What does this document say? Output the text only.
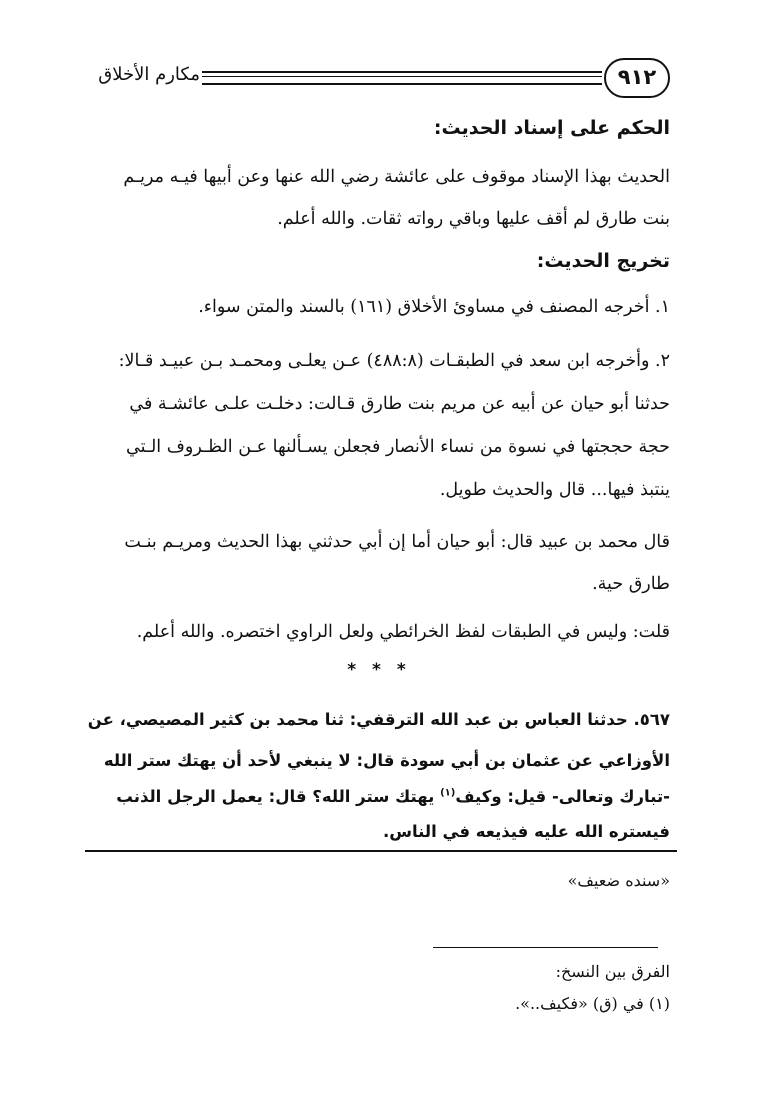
مكارم الأخلاق	٩١٢
الحكم على إسناد الحديث:
الحديث بهذا الإسناد موقوف على عائشة رضي الله عنها وعن أبيها فيـه مريـم
بنت طارق لم أقف عليها وباقي رواته ثقات. والله أعلم.
تخريج الحديث:
١. أخرجه المصنف في مساوئ الأخلاق (١٦١) بالسند والمتن سواء.
٢. وأخرجه ابن سعد في الطبقـات (٤٨٨:٨) عـن يعلـى ومحمـد بـن عبيـد قـالا:
حدثنا أبو حيان عن أبيه عن مريم بنت طارق قـالت: دخلـت علـى عائشـة في
حجة حججتها في نسوة من نساء الأنصار فجعلن يسـألنها عـن الظـروف الـتي
ينتبذ فيها... قال والحديث طويل.
قال محمد بن عبيد قال: أبو حيان أما إن أبي حدثني بهذا الحديث ومريـم بنـت
طارق حية.
قلت: وليس في الطبقات لفظ الخرائطي ولعل الراوي اختصره. والله أعلم.
* * *
٥٦٧. حدثنا العباس بن عبد الله الترقفي: ثنا محمد بن كثير المصيصي، عن
الأوزاعي عن عثمان بن أبي سودة قال: لا ينبغي لأحد أن يهتك ستر الله
-تبارك وتعالى- قيل: وكيف$^{(١)}$ يهتك ستر الله؟ قال: يعمل الرجل الذنب
فيستره الله عليه فيذيعه في الناس.
«سنده ضعيف»
الفرق بين النسخ:
(١) في (ق) «فكيف..».
